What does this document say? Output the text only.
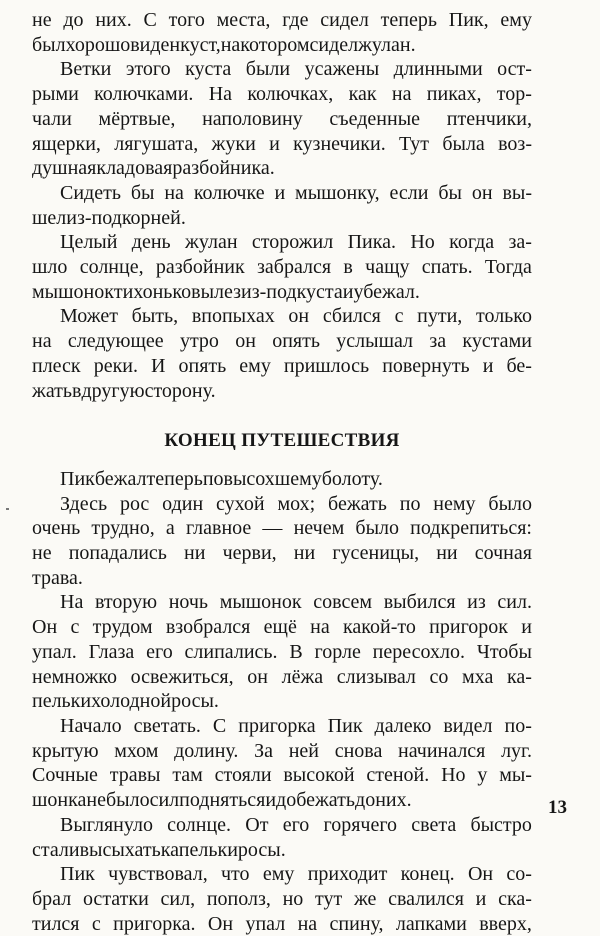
не до них. С того места, где сидел теперь Пик, ему
был хорошо виден куст, на котором сидел жулан.
Ветки этого куста были усажены длинными ост-
рыми колючками. На колючках, как на пиках, тор-
чали мёртвые, наполовину съеденные птенчики,
ящерки, лягушата, жуки и кузнечики. Тут была воз-
душная кладовая разбойника.
Сидеть бы на колючке и мышонку, если бы он вы-
шел из-под корней.
Целый день жулан сторожил Пика. Но когда за-
шло солнце, разбойник забрался в чащу спать. Тогда
мышонок тихонько вылез из-под куста и убежал.
Может быть, впопыхах он сбился с пути, только
на следующее утро он опять услышал за кустами
плеск реки. И опять ему пришлось повернуть и бе-
жать в другую сторону.
КОНЕЦ ПУТЕШЕСТВИЯ
Пик бежал теперь по высохшему болоту.
Здесь рос один сухой мох; бежать по нему было
очень трудно, а главное — нечем было подкрепиться:
не попадались ни черви, ни гусеницы, ни сочная
трава.
На вторую ночь мышонок совсем выбился из сил.
Он с трудом взобрался ещё на какой-то пригорок и
упал. Глаза его слипались. В горле пересохло. Чтобы
немножко освежиться, он лёжа слизывал со мха ка-
пельки холодной росы.
Начало светать. С пригорка Пик далеко видел по-
крытую мхом долину. За ней снова начинался луг.
Сочные травы там стояли высокой стеной. Но у мы-
шонка не было сил подняться и добежать до них.
Выглянуло солнце. От его горячего света быстро
стали высыхать капельки росы.
Пик чувствовал, что ему приходит конец. Он со-
брал остатки сил, пополз, но тут же свалился и ска-
тился с пригорка. Он упал на спину, лапками вверх,
13
